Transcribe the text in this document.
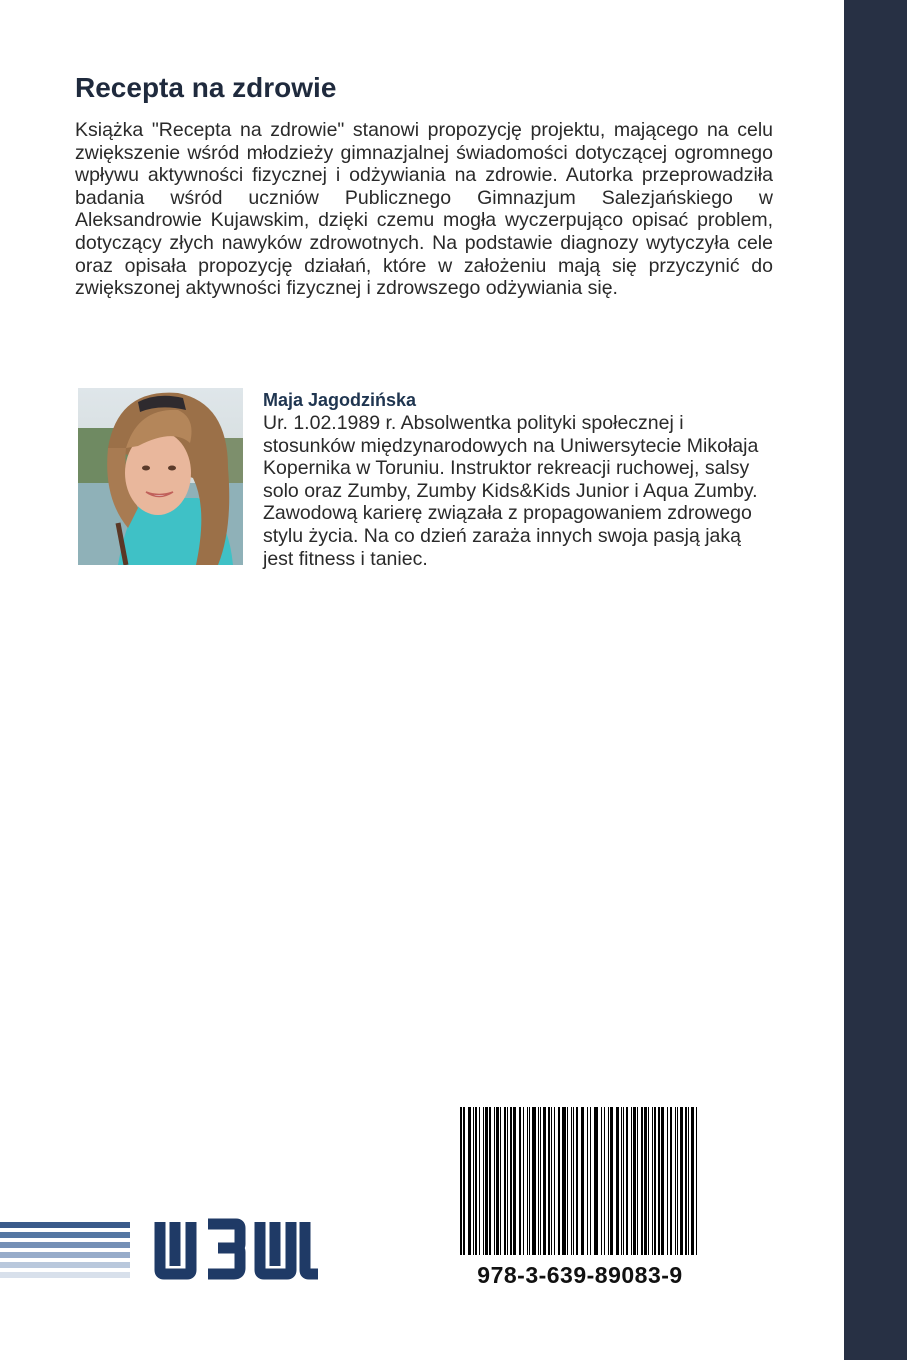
Recepta na zdrowie

Książka "Recepta na zdrowie" stanowi propozycję projektu, mającego na celu zwiększenie wśród młodzieży gimnazjalnej świadomości dotyczącej ogromnego wpływu aktywności fizycznej i odżywiania na zdrowie. Autorka przeprowadziła badania wśród uczniów Publicznego Gimnazjum Salezjańskiego w Aleksandrowie Kujawskim, dzięki czemu mogła wyczerpująco opisać problem, dotyczący złych nawyków zdrowotnych. Na podstawie diagnozy wytyczyła cele oraz opisała propozycję działań, które w założeniu mają się przyczynić do zwiększonej aktywności fizycznej i zdrowszego odżywiania się.

Maja Jagodzińska

Ur. 1.02.1989 r. Absolwentka polityki społecznej i stosunków międzynarodowych na Uniwersytecie Mikołaja Kopernika w Toruniu. Instruktor rekreacji ruchowej, salsy solo oraz Zumby, Zumby Kids&Kids Junior i Aqua Zumby. Zawodową karierę związała z propagowaniem zdrowego stylu życia. Na co dzień zaraża innych swoja pasją jaką jest fitness i taniec.

978-3-639-89083-9
